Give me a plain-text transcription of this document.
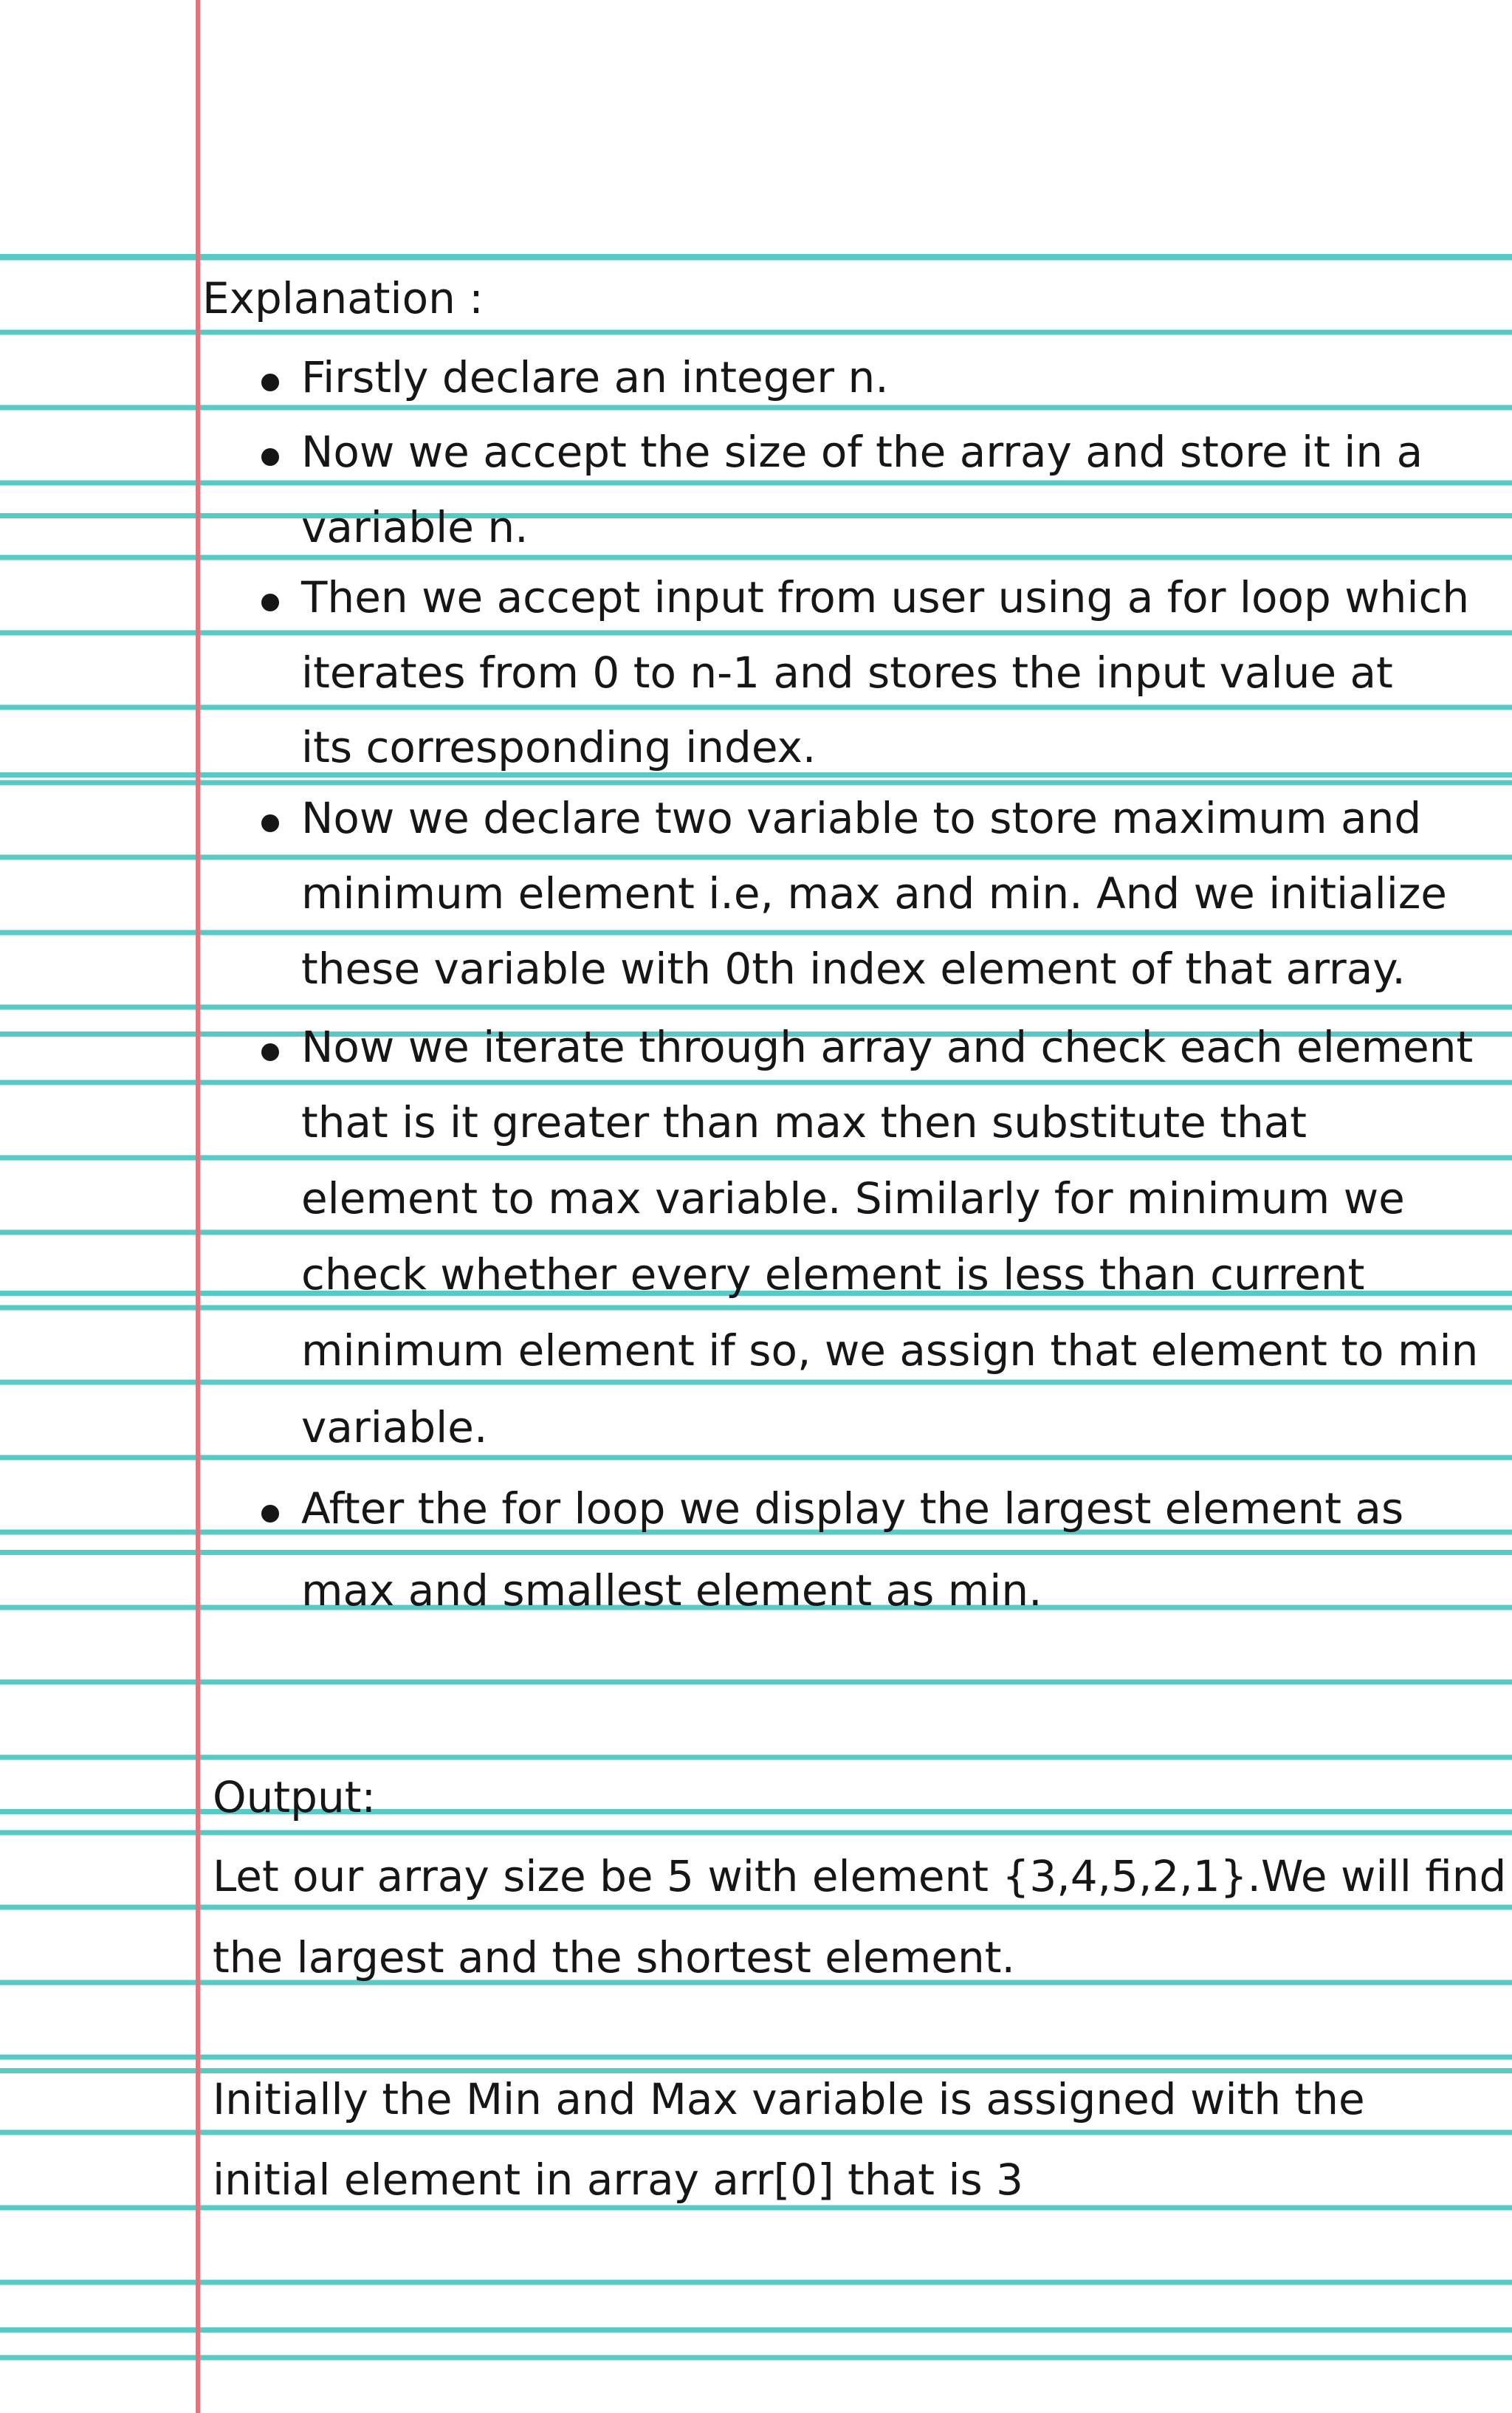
Explanation :

Firstly declare an integer n.

Now we accept the size of the array and store it in a

variable n.

Then we accept input from user using a for loop which

iterates from 0 to n-1 and stores the input value at

its corresponding index.

Now we declare two variable to store maximum and

minimum element i.e, max and min. And we initialize

these variable with 0th index element of that array.

Now we iterate through array and check each element

that is it greater than max then substitute that

element to max variable. Similarly for minimum we

check whether every element is less than current

minimum element if so, we assign that element to min

variable.

After the for loop we display the largest element as

max and smallest element as min.

Output:

Let our array size be 5 with element {3,4,5,2,1}.We will find

the largest and the shortest element.

Initially the Min and Max variable is assigned with the

initial element in array arr[0] that is 3
